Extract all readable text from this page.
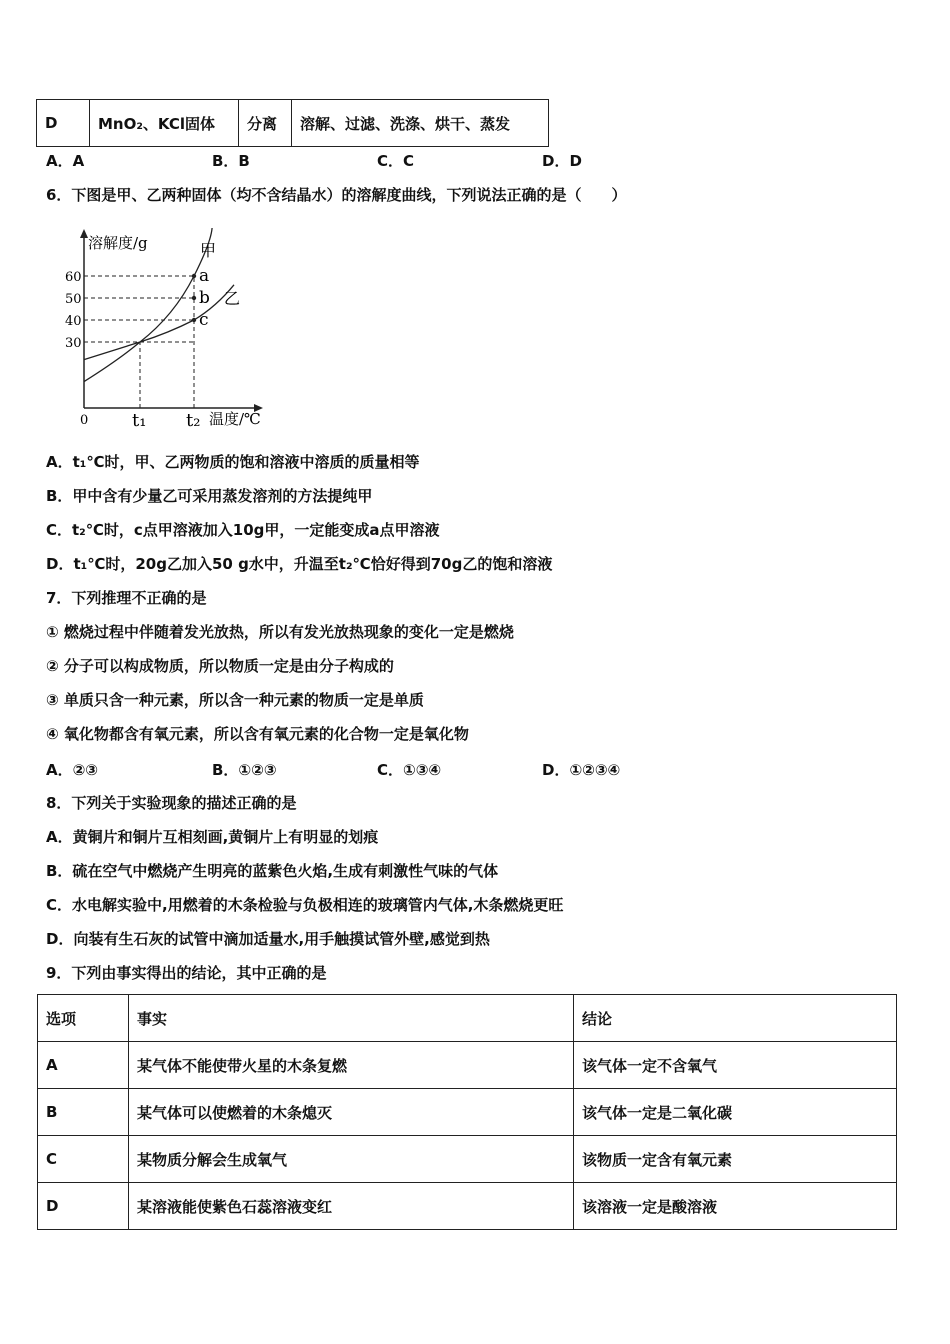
D	MnO₂、KCl固体	分离	溶解、过滤、洗涤、烘干、蒸发
A．A	B．B	C．C	D．D
6．下图是甲、乙两种固体（均不含结晶水）的溶解度曲线，下列说法正确的是（　　）
溶解度/g
温度/℃
0
30
40
50
60
t₁ t₂
甲
乙
a
b
c
A．t₁℃时，甲、乙两物质的饱和溶液中溶质的质量相等
B．甲中含有少量乙可采用蒸发溶剂的方法提纯甲
C．t₂℃时，c点甲溶液加入10g甲，一定能变成a点甲溶液
D．t₁℃时，20g乙加入50 g水中，升温至t₂℃恰好得到70g乙的饱和溶液
7．下列推理不正确的是
① 燃烧过程中伴随着发光放热，所以有发光放热现象的变化一定是燃烧
② 分子可以构成物质，所以物质一定是由分子构成的
③ 单质只含一种元素，所以含一种元素的物质一定是单质
④ 氧化物都含有氧元素，所以含有氧元素的化合物一定是氧化物
A．②③	B．①②③	C．①③④	D．①②③④
8．下列关于实验现象的描述正确的是
A．黄铜片和铜片互相刻画,黄铜片上有明显的划痕
B．硫在空气中燃烧产生明亮的蓝紫色火焰,生成有刺激性气味的气体
C．水电解实验中,用燃着的木条检验与负极相连的玻璃管内气体,木条燃烧更旺
D．向装有生石灰的试管中滴加适量水,用手触摸试管外壁,感觉到热
9．下列由事实得出的结论，其中正确的是
选项	事实	结论
A	某气体不能使带火星的木条复燃	该气体一定不含氧气
B	某气体可以使燃着的木条熄灭	该气体一定是二氧化碳
C	某物质分解会生成氧气	该物质一定含有氧元素
D	某溶液能使紫色石蕊溶液变红	该溶液一定是酸溶液
